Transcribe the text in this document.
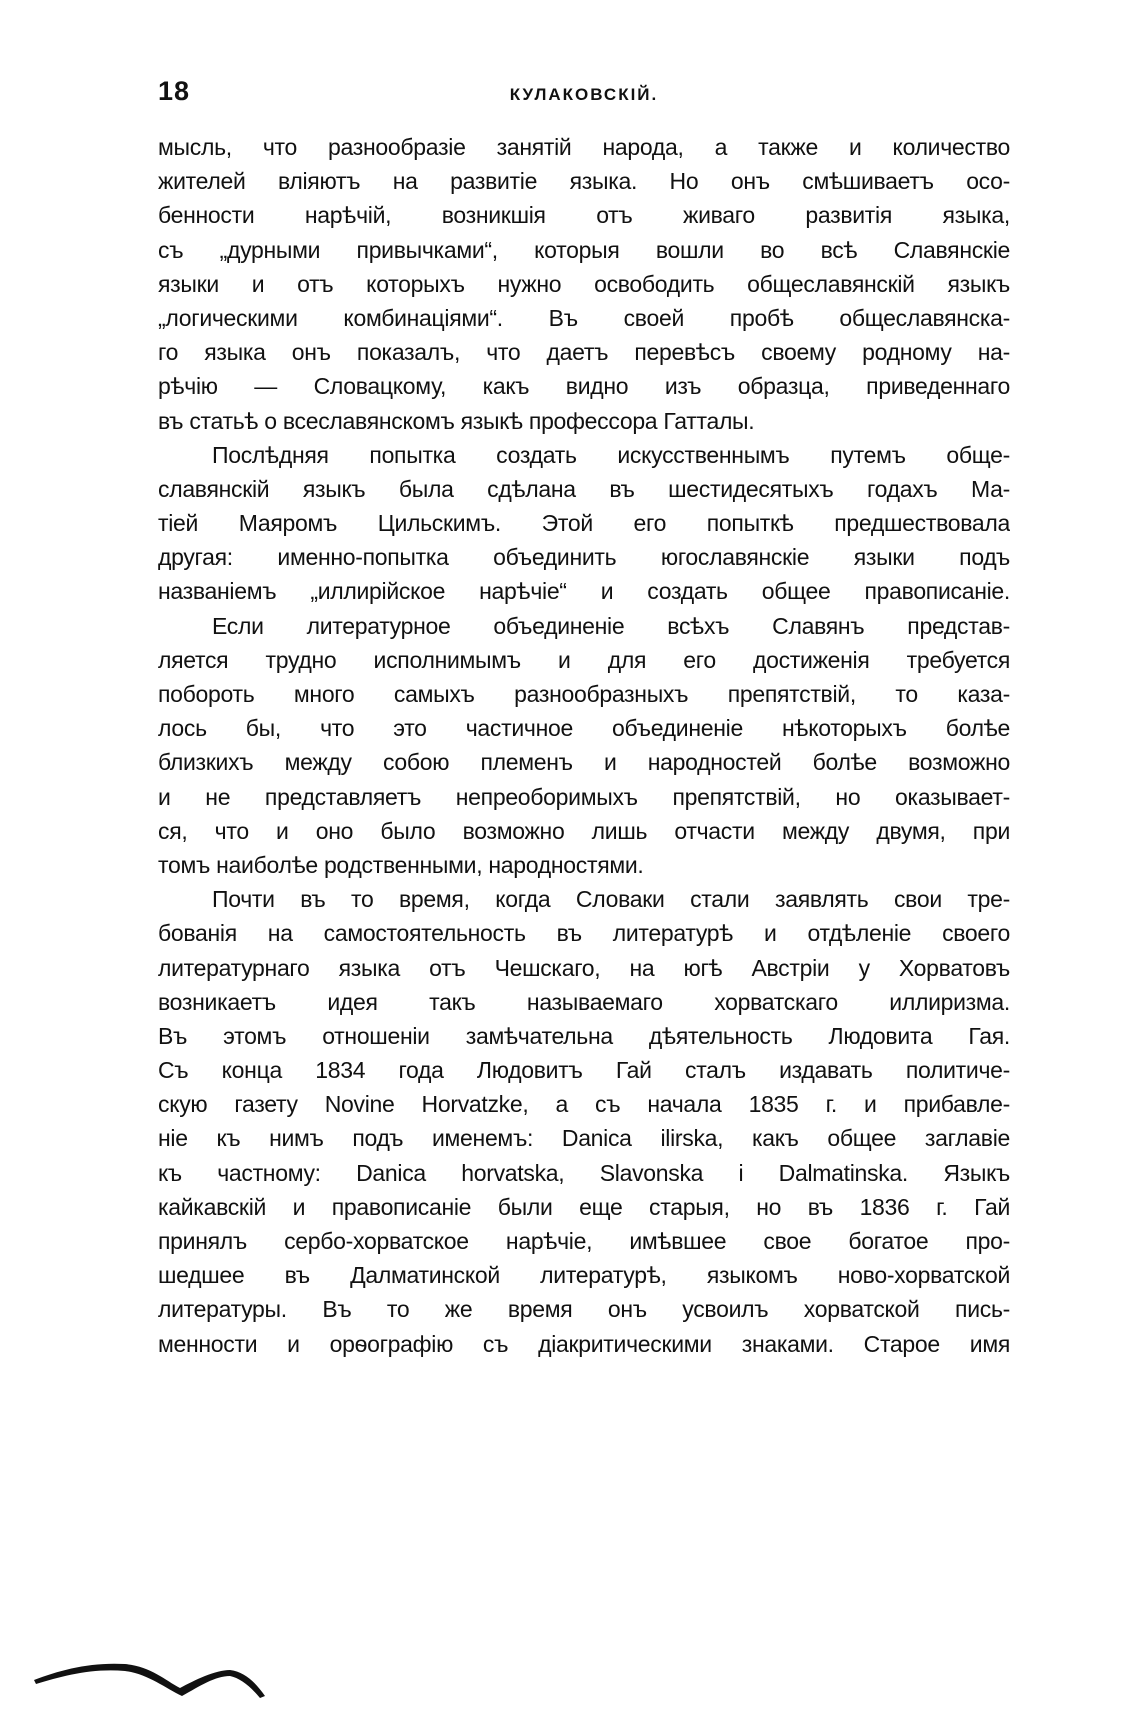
18	КУЛАКОВСКІЙ.
мысль, что разнообразіе занятій народа, а также и количество
жителей вліяютъ на развитіе языка. Но онъ смѣшиваетъ осо-
бенности нарѣчій, возникшія отъ живаго развитія языка,
съ „дурными привычками“, которыя вошли во всѣ Славянскіе
языки и отъ которыхъ нужно освободить общеславянскій языкъ
„логическими комбинаціями“. Въ своей пробѣ общеславянска-
го языка онъ показалъ, что даетъ перевѣсъ своему родному на-
рѣчію — Словацкому, какъ видно изъ образца, приведеннаго
въ статьѣ о всеславянскомъ языкѣ профессора Гатталы.
Послѣдняя попытка создать искусственнымъ путемъ обще-
славянскій языкъ была сдѣлана въ шестидесятыхъ годахъ Ма-
тіей Маяромъ Цильскимъ. Этой его попыткѣ предшествовала
другая: именно-попытка объединить югославянскіе языки подъ
названіемъ „иллирійское нарѣчіе“ и создать общее правописаніе.
Если литературное объединеніе всѣхъ Славянъ представ-
ляется трудно исполнимымъ и для его достиженія требуется
побороть много самыхъ разнообразныхъ препятствій, то каза-
лось бы, что это частичное объединеніе нѣкоторыхъ болѣе
близкихъ между собою племенъ и народностей болѣе возможно
и не представляетъ непреоборимыхъ препятствій, но оказывает-
ся, что и оно было возможно лишь отчасти между двумя, при
томъ наиболѣе родственными, народностями.
Почти въ то время, когда Словаки стали заявлять свои тре-
бованія на самостоятельность въ литературѣ и отдѣленіе своего
литературнаго языка отъ Чешскаго, на югѣ Австріи у Хорватовъ
возникаетъ идея такъ называемаго хорватскаго иллиризма.
Въ этомъ отношеніи замѣчательна дѣятельность Людовита Гая.
Съ конца 1834 года Людовитъ Гай сталъ издавать политиче-
скую газету Novine Horvatzke, а съ начала 1835 г. и прибавле-
ніе къ нимъ подъ именемъ: Danica ilirska, какъ общее заглавіе
къ частному: Danica horvatska, Slavonska i Dalmatinska. Языкъ
кайкавскій и правописаніе были еще старыя, но въ 1836 г. Гай
принялъ сербо-хорватское нарѣчіе, имѣвшее свое богатое про-
шедшее въ Далматинской литературѣ, языкомъ ново-хорватской
литературы. Въ то же время онъ усвоилъ хорватской пись-
менности и орѳографію съ діакритическими знаками. Старое имя
